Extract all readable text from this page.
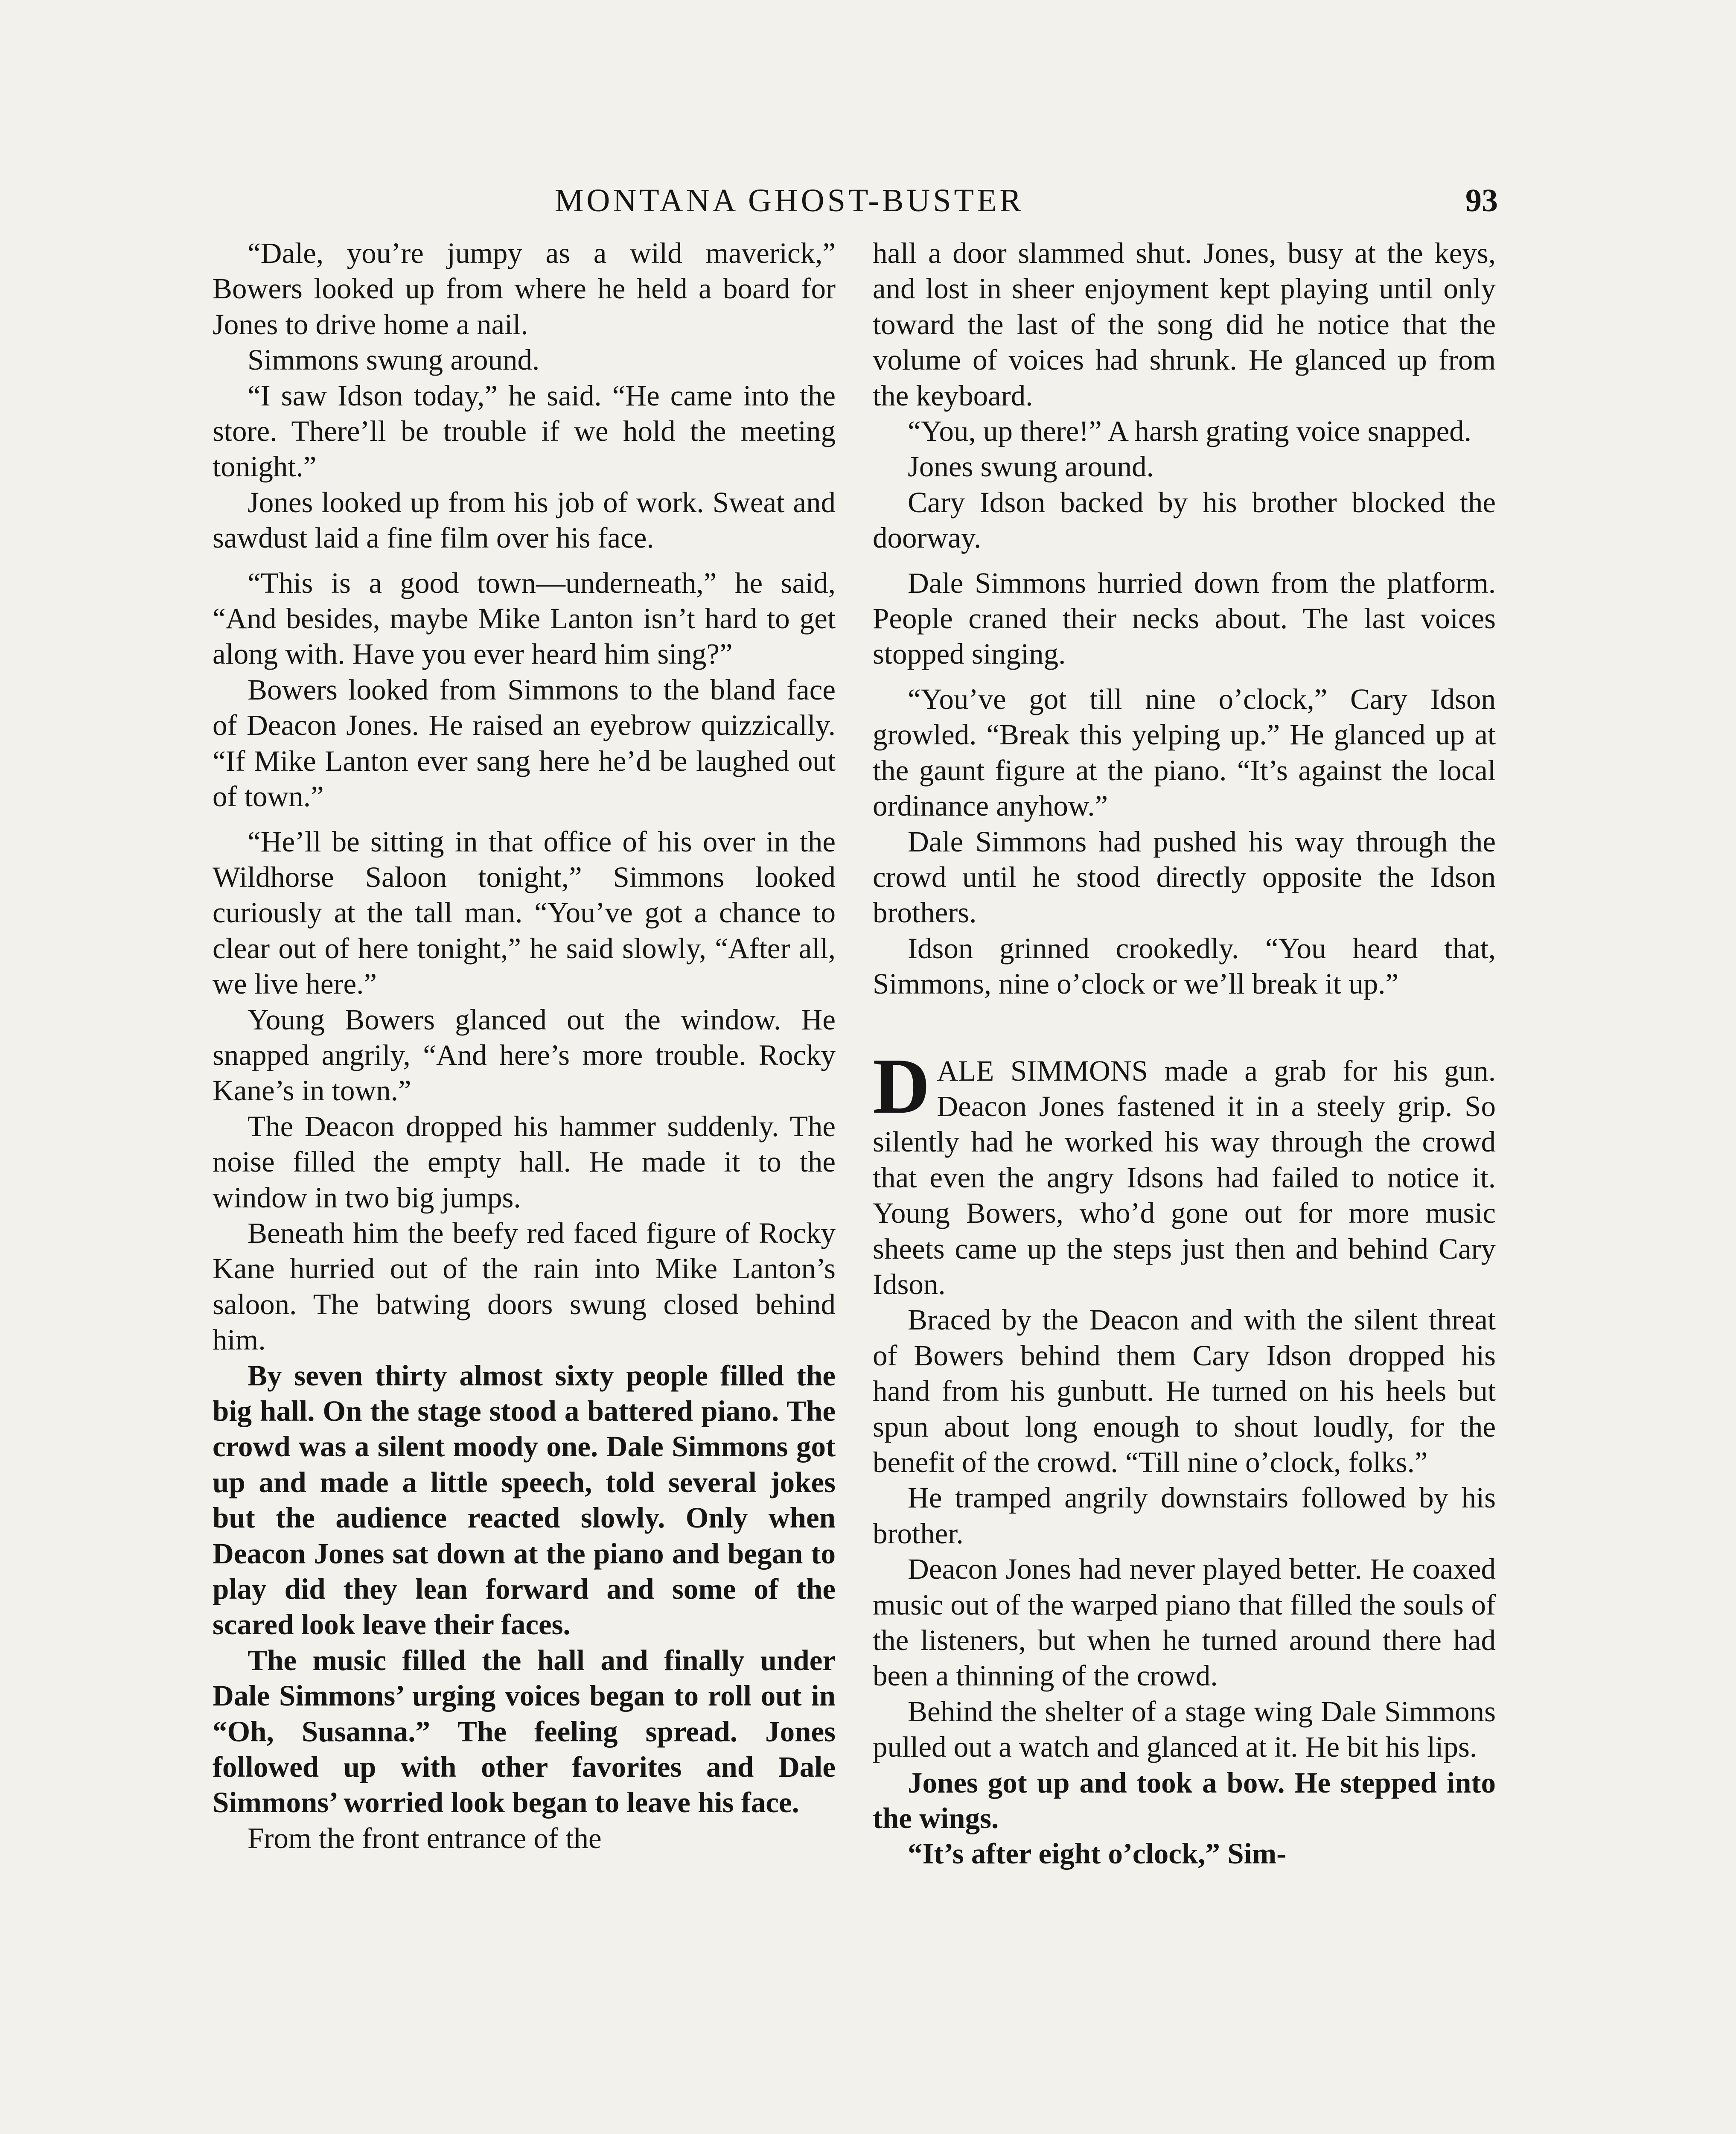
MONTANA GHOST-BUSTER	93

“Dale, you’re jumpy as a wild maverick,” Bowers looked up from where he held a board for Jones to drive home a nail.

Simmons swung around.

“I saw Idson today,” he said. “He came into the store. There’ll be trouble if we hold the meeting tonight.”

Jones looked up from his job of work. Sweat and sawdust laid a fine film over his face.

“This is a good town—underneath,” he said, “And besides, maybe Mike Lanton isn’t hard to get along with. Have you ever heard him sing?”

Bowers looked from Simmons to the bland face of Deacon Jones. He raised an eyebrow quizzically. “If Mike Lanton ever sang here he’d be laughed out of town.”

“He’ll be sitting in that office of his over in the Wildhorse Saloon tonight,” Simmons looked curiously at the tall man. “You’ve got a chance to clear out of here tonight,” he said slowly, “After all, we live here.”

Young Bowers glanced out the window. He snapped angrily, “And here’s more trouble. Rocky Kane’s in town.”

The Deacon dropped his hammer suddenly. The noise filled the empty hall. He made it to the window in two big jumps.

Beneath him the beefy red faced figure of Rocky Kane hurried out of the rain into Mike Lanton’s saloon. The batwing doors swung closed behind him.

By seven thirty almost sixty people filled the big hall. On the stage stood a battered piano. The crowd was a silent moody one. Dale Simmons got up and made a little speech, told several jokes but the audience reacted slowly. Only when Deacon Jones sat down at the piano and began to play did they lean forward and some of the scared look leave their faces.

The music filled the hall and finally under Dale Simmons’ urging voices began to roll out in “Oh, Susanna.” The feeling spread. Jones followed up with other favorites and Dale Simmons’ worried look began to leave his face.

From the front entrance of the

hall a door slammed shut. Jones, busy at the keys, and lost in sheer enjoyment kept playing until only toward the last of the song did he notice that the volume of voices had shrunk. He glanced up from the keyboard.

“You, up there!” A harsh grating voice snapped.

Jones swung around.

Cary Idson backed by his brother blocked the doorway.

Dale Simmons hurried down from the platform. People craned their necks about. The last voices stopped singing.

“You’ve got till nine o’clock,” Cary Idson growled. “Break this yelping up.” He glanced up at the gaunt figure at the piano. “It’s against the local ordinance anyhow.”

Dale Simmons had pushed his way through the crowd until he stood directly opposite the Idson brothers.

Idson grinned crookedly. “You heard that, Simmons, nine o’clock or we’ll break it up.”

DALE SIMMONS made a grab for his gun. Deacon Jones fastened it in a steely grip. So silently had he worked his way through the crowd that even the angry Idsons had failed to notice it. Young Bowers, who’d gone out for more music sheets came up the steps just then and behind Cary Idson.

Braced by the Deacon and with the silent threat of Bowers behind them Cary Idson dropped his hand from his gunbutt. He turned on his heels but spun about long enough to shout loudly, for the benefit of the crowd. “Till nine o’clock, folks.”

He tramped angrily downstairs followed by his brother.

Deacon Jones had never played better. He coaxed music out of the warped piano that filled the souls of the listeners, but when he turned around there had been a thinning of the crowd.

Behind the shelter of a stage wing Dale Simmons pulled out a watch and glanced at it. He bit his lips.

Jones got up and took a bow. He stepped into the wings.

“It’s after eight o’clock,” Sim-
